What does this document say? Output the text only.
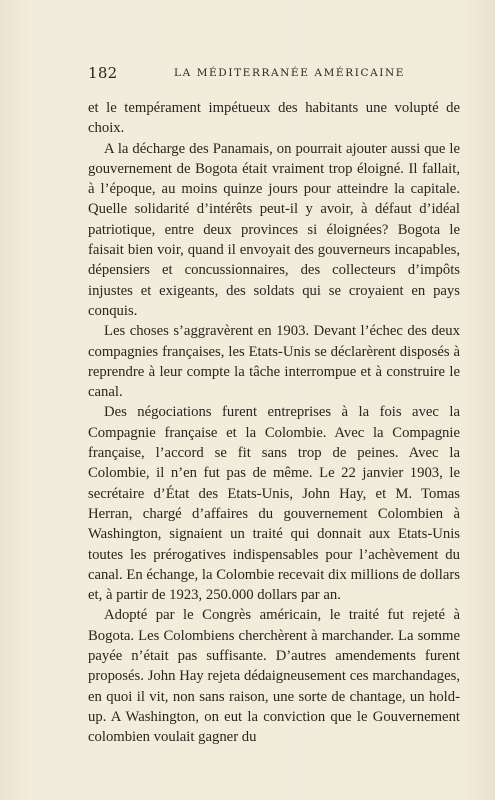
182	LA MÉDITERRANÉE AMÉRICAINE

et le tempérament impétueux des habitants une volupté de choix.

A la décharge des Panamais, on pourrait ajouter aussi que le gouvernement de Bogota était vraiment trop éloigné. Il fallait, à l’époque, au moins quinze jours pour atteindre la capitale. Quelle solidarité d’intérêts peut-il y avoir, à défaut d’idéal patriotique, entre deux provinces si éloignées? Bogota le faisait bien voir, quand il envoyait des gouverneurs incapables, dépensiers et concussionnaires, des collecteurs d’impôts injustes et exigeants, des soldats qui se croyaient en pays conquis.

Les choses s’aggravèrent en 1903. Devant l’échec des deux compagnies françaises, les Etats-Unis se déclarèrent disposés à reprendre à leur compte la tâche interrompue et à construire le canal.

Des négociations furent entreprises à la fois avec la Compagnie française et la Colombie. Avec la Compagnie française, l’accord se fit sans trop de peines. Avec la Colombie, il n’en fut pas de même. Le 22 janvier 1903, le secrétaire d’État des Etats-Unis, John Hay, et M. Tomas Herran, chargé d’affaires du gouvernement Colombien à Washington, signaient un traité qui donnait aux Etats-Unis toutes les prérogatives indispensables pour l’achèvement du canal. En échange, la Colombie recevait dix millions de dollars et, à partir de 1923, 250.000 dollars par an.

Adopté par le Congrès américain, le traité fut rejeté à Bogota. Les Colombiens cherchèrent à marchander. La somme payée n’était pas suffisante. D’autres amendements furent proposés. John Hay rejeta dédaigneusement ces marchandages, en quoi il vit, non sans raison, une sorte de chantage, un hold-up. A Washington, on eut la conviction que le Gouvernement colombien voulait gagner du
